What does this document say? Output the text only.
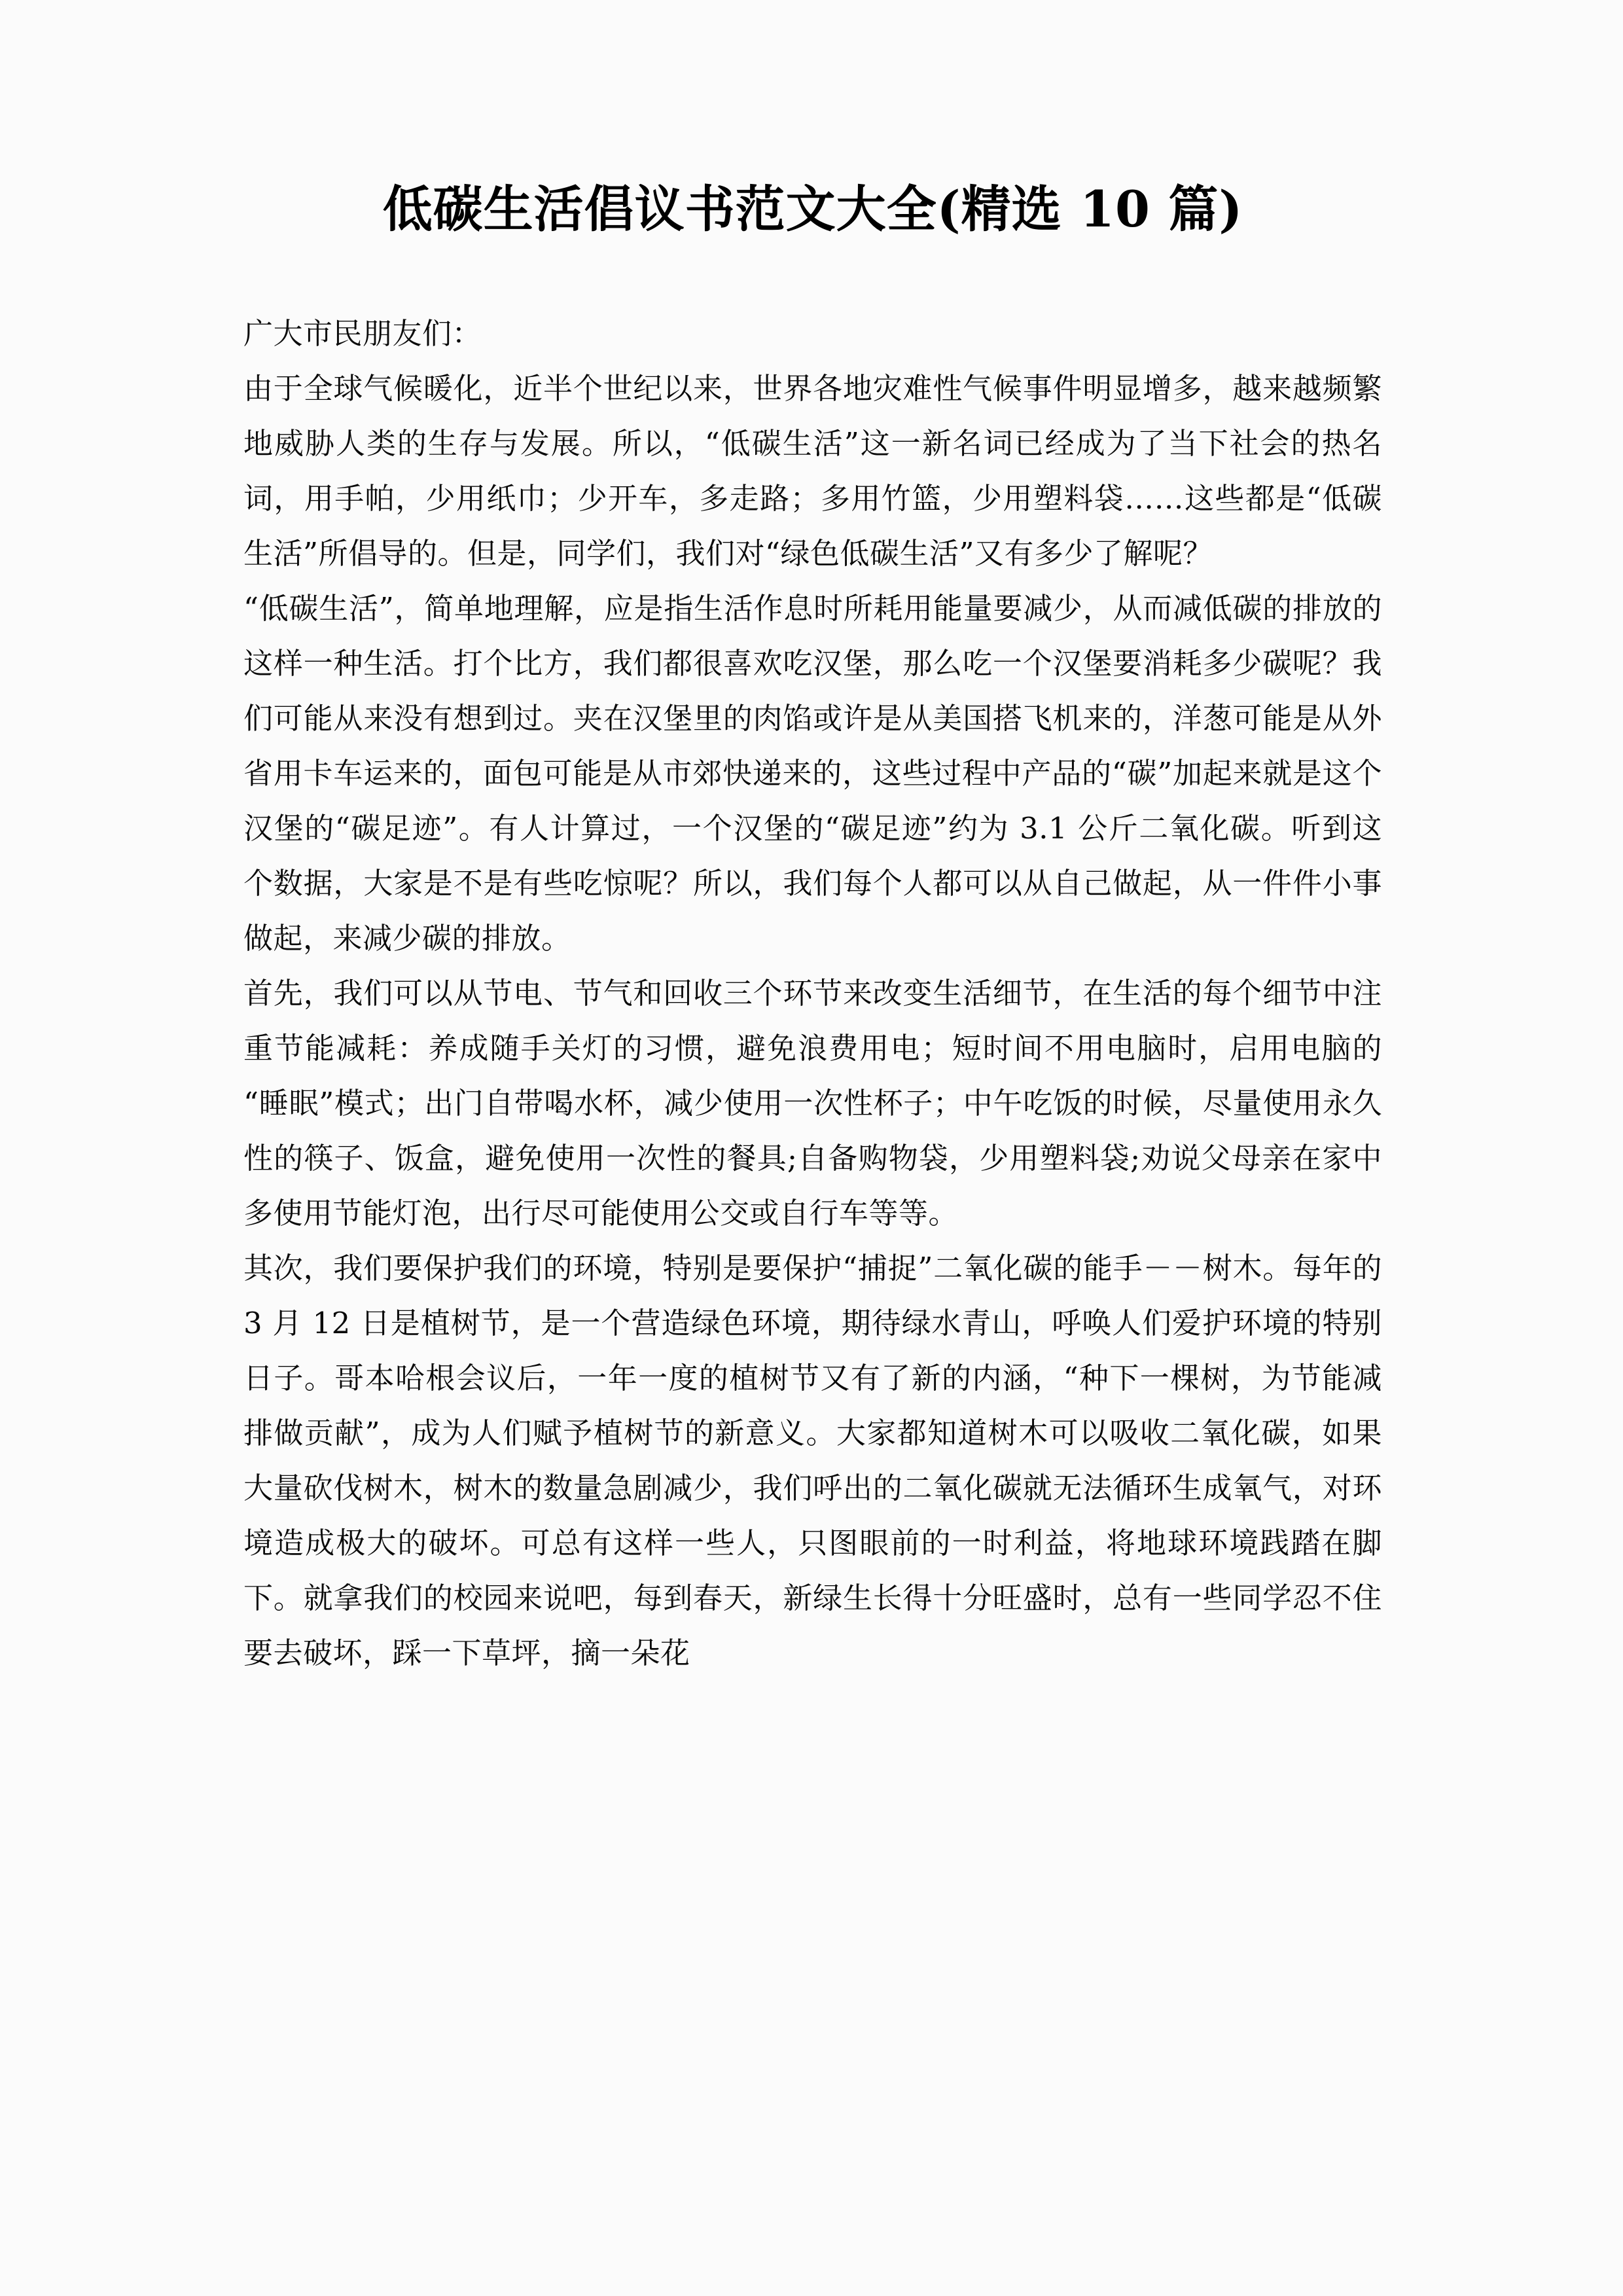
低碳生活倡议书范文大全(精选 10 篇)

广大市民朋友们：

由于全球气候暖化，近半个世纪以来，世界各地灾难性气候事件明显增多，越来越频繁地威胁人类的生存与发展。所以，“低碳生活”这一新名词已经成为了当下社会的热名词，用手帕，少用纸巾；少开车，多走路；多用竹篮，少用塑料袋……这些都是“低碳生活”所倡导的。但是，同学们，我们对“绿色低碳生活”又有多少了解呢？

“低碳生活”，简单地理解，应是指生活作息时所耗用能量要减少，从而减低碳的排放的这样一种生活。打个比方，我们都很喜欢吃汉堡，那么吃一个汉堡要消耗多少碳呢？我们可能从来没有想到过。夹在汉堡里的肉馅或许是从美国搭飞机来的，洋葱可能是从外省用卡车运来的，面包可能是从市郊快递来的，这些过程中产品的“碳”加起来就是这个汉堡的“碳足迹”。有人计算过，一个汉堡的“碳足迹”约为 3.1 公斤二氧化碳。听到这个数据，大家是不是有些吃惊呢？所以，我们每个人都可以从自己做起，从一件件小事做起，来减少碳的排放。

首先，我们可以从节电、节气和回收三个环节来改变生活细节，在生活的每个细节中注重节能减耗：养成随手关灯的习惯，避免浪费用电；短时间不用电脑时，启用电脑的“睡眠”模式；出门自带喝水杯，减少使用一次性杯子；中午吃饭的时候，尽量使用永久性的筷子、饭盒，避免使用一次性的餐具;自备购物袋，少用塑料袋;劝说父母亲在家中多使用节能灯泡，出行尽可能使用公交或自行车等等。

其次，我们要保护我们的环境，特别是要保护“捕捉”二氧化碳的能手－－树木。每年的 3 月 12 日是植树节，是一个营造绿色环境，期待绿水青山，呼唤人们爱护环境的特别日子。哥本哈根会议后，一年一度的植树节又有了新的内涵，“种下一棵树，为节能减排做贡献”，成为人们赋予植树节的新意义。大家都知道树木可以吸收二氧化碳，如果大量砍伐树木，树木的数量急剧减少，我们呼出的二氧化碳就无法循环生成氧气，对环境造成极大的破坏。可总有这样一些人，只图眼前的一时利益，将地球环境践踏在脚下。就拿我们的校园来说吧，每到春天，新绿生长得十分旺盛时，总有一些同学忍不住要去破坏，踩一下草坪，摘一朵花
